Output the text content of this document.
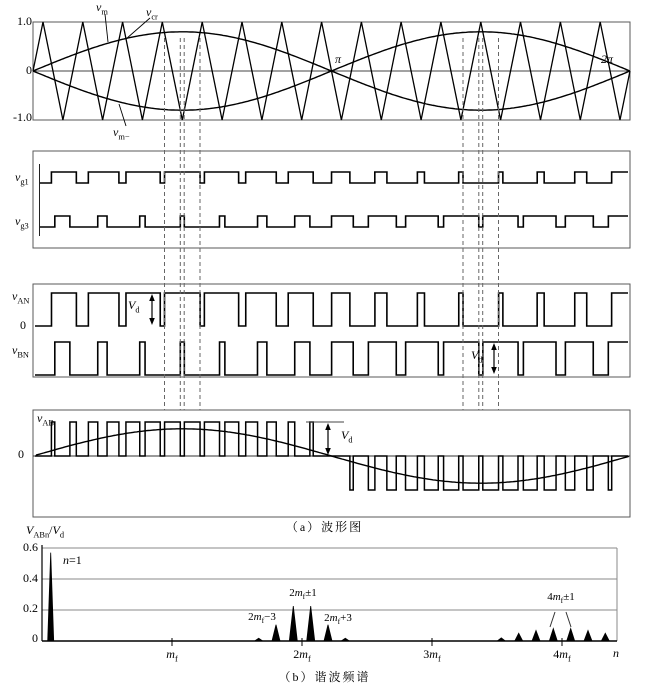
1.0
0
-1.0
$v_m$	$v_{cr}$
$v_{m-}$
π	2π
$v_{g1}$
$v_{g3}$
$v_{AN}$
0
$V_d$
$v_{BN}$	$V_d$
$v_{AB}$
0
$V_d$
（a）波形图
（b）谐波频谱
$V_{ABn}/V_d$
0.6
0.4
0.2
0
n=1
$2m_f-3$
$2m_f\pm 1$
$2m_f+3$
$4m_f\pm 1$
$m_f$	$2m_f$	$3m_f$	$4m_f$	n
